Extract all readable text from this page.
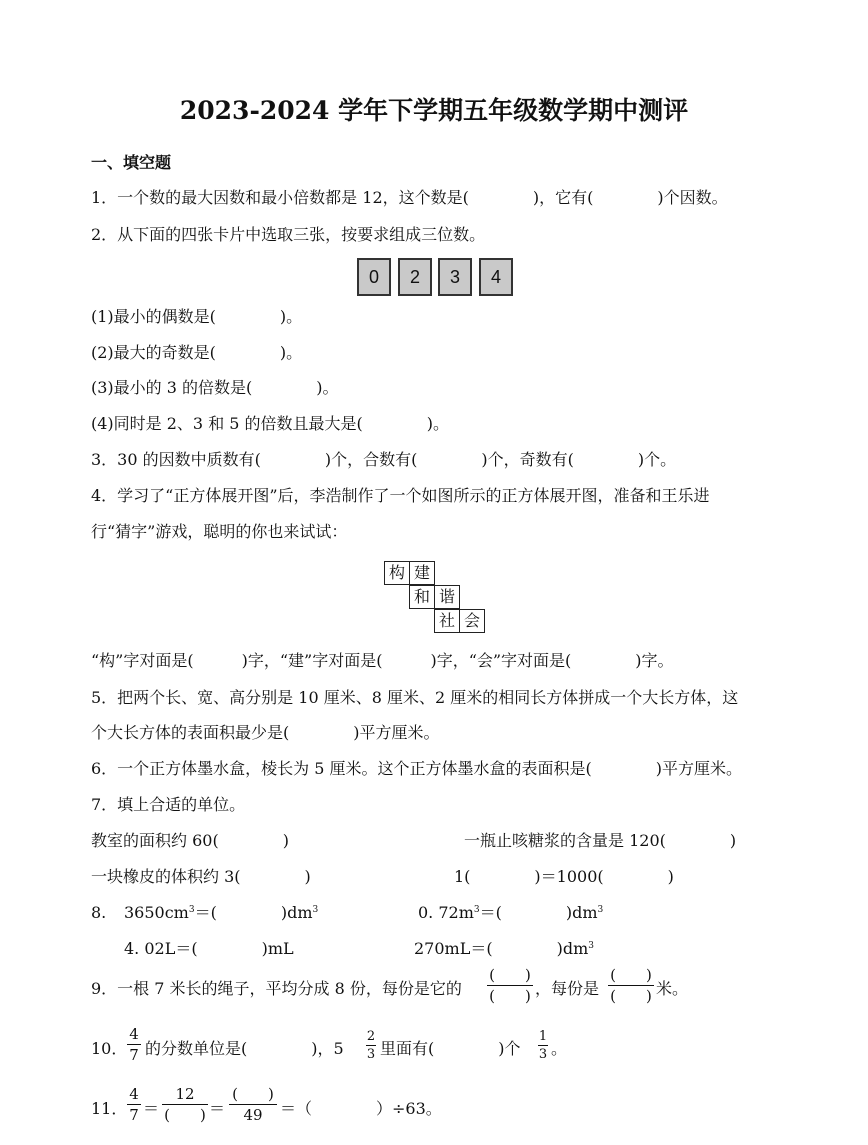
2023-2024 学年下学期五年级数学期中测评
一、填空题
1．一个数的最大因数和最小倍数都是 12，这个数是(　　　　)，它有(　　　　)个因数。
2．从下面的四张卡片中选取三张，按要求组成三位数。
0	2	3	4
(1)最小的偶数是(　　　　)。
(2)最大的奇数是(　　　　)。
(3)最小的 3 的倍数是(　　　　)。
(4)同时是 2、3 和 5 的倍数且最大是(　　　　)。
3．30 的因数中质数有(　　　　)个，合数有(　　　　)个，奇数有(　　　　)个。
4．学习了“正方体展开图”后，李浩制作了一个如图所示的正方体展开图，准备和王乐进
行“猜字”游戏，聪明的你也来试试：
构 建
和 谐
社 会
“构”字对面是(　　　)字，“建”字对面是(　　　)字，“会”字对面是(　　　　)字。
5．把两个长、宽、高分别是 10 厘米、8 厘米、2 厘米的相同长方体拼成一个大长方体，这
个大长方体的表面积最少是(　　　　)平方厘米。
6．一个正方体墨水盒，棱长为 5 厘米。这个正方体墨水盒的表面积是(　　　　)平方厘米。
7．填上合适的单位。
教室的面积约 60(　　　　)	一瓶止咳糖浆的含量是 120(　　　　)
一块橡皮的体积约 3(　　　　)	1(　　　　)＝1000(　　　　)
8. $3650cm^3=$(　　　　)$dm^3$	0. $72m^3=$(　　　　)$dm^3$
4. 02L＝(　　　　)mL	270mL＝(　　　　)$dm^3$
9．一根 7 米长的绳子，平均分成 8 份，每份是它的
(　　)
(　　) ，每份是
(　　)
(　　) 米。
10．
4
7 的分数单位是(　　　　)，5
2
3 里面有(　　　　)个
1
3 。
11．
4
7 ＝
12
(　　) ＝
(　　)
49	＝（　　　　）÷63。
